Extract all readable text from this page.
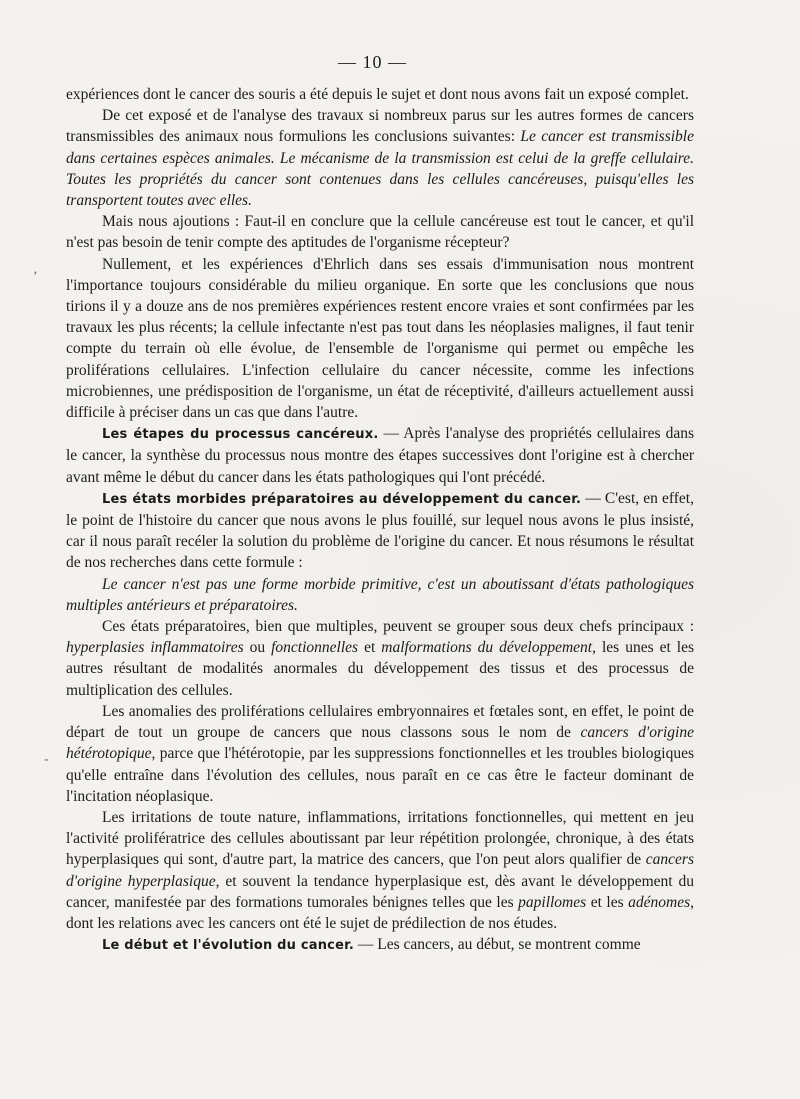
— 10 —
‚
-

expériences dont le cancer des souris a été depuis le sujet et dont nous avons fait un exposé complet.

De cet exposé et de l'analyse des travaux si nombreux parus sur les autres formes de cancers transmissibles des animaux nous formulions les conclusions suivantes: Le cancer est transmissible dans certaines espèces animales. Le mécanisme de la transmission est celui de la greffe cellulaire. Toutes les propriétés du cancer sont contenues dans les cellules cancéreuses, puisqu'elles les transportent toutes avec elles.

Mais nous ajoutions : Faut-il en conclure que la cellule cancéreuse est tout le cancer, et qu'il n'est pas besoin de tenir compte des aptitudes de l'organisme récepteur?

Nullement, et les expériences d'Ehrlich dans ses essais d'immunisation nous montrent l'importance toujours considérable du milieu organique. En sorte que les conclusions que nous tirions il y a douze ans de nos premières expériences restent encore vraies et sont confirmées par les travaux les plus récents; la cellule infectante n'est pas tout dans les néoplasies malignes, il faut tenir compte du terrain où elle évolue, de l'ensemble de l'organisme qui permet ou empêche les proliférations cellulaires. L'infection cellulaire du cancer nécessite, comme les infections microbiennes, une prédisposition de l'organisme, un état de réceptivité, d'ailleurs actuellement aussi difficile à préciser dans un cas que dans l'autre.

Les étapes du processus cancéreux. — Après l'analyse des propriétés cellulaires dans le cancer, la synthèse du processus nous montre des étapes successives dont l'origine est à chercher avant même le début du cancer dans les états pathologiques qui l'ont précédé.

Les états morbides préparatoires au développement du cancer. — C'est, en effet, le point de l'histoire du cancer que nous avons le plus fouillé, sur lequel nous avons le plus insisté, car il nous paraît recéler la solution du problème de l'origine du cancer. Et nous résumons le résultat de nos recherches dans cette formule :

Le cancer n'est pas une forme morbide primitive, c'est un aboutissant d'états pathologiques multiples antérieurs et préparatoires.

Ces états préparatoires, bien que multiples, peuvent se grouper sous deux chefs principaux : hyperplasies inflammatoires ou fonctionnelles et malformations du développement, les unes et les autres résultant de modalités anormales du développement des tissus et des processus de multiplication des cellules.

Les anomalies des proliférations cellulaires embryonnaires et fœtales sont, en effet, le point de départ de tout un groupe de cancers que nous classons sous le nom de cancers d'origine hétérotopique, parce que l'hétérotopie, par les suppressions fonctionnelles et les troubles biologiques qu'elle entraîne dans l'évolution des cellules, nous paraît en ce cas être le facteur dominant de l'incitation néoplasique.

Les irritations de toute nature, inflammations, irritations fonctionnelles, qui mettent en jeu l'activité prolifératrice des cellules aboutissant par leur répétition prolongée, chronique, à des états hyperplasiques qui sont, d'autre part, la matrice des cancers, que l'on peut alors qualifier de cancers d'origine hyperplasique, et souvent la tendance hyperplasique est, dès avant le développement du cancer, manifestée par des formations tumorales bénignes telles que les papillomes et les adénomes, dont les relations avec les cancers ont été le sujet de prédilection de nos études.

Le début et l'évolution du cancer. — Les cancers, au début, se montrent comme
